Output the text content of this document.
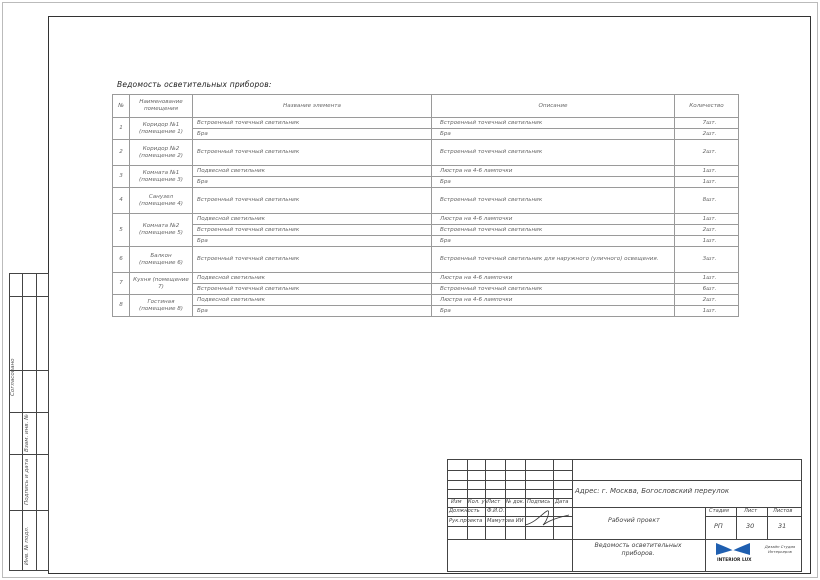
Ведомость осветительных приборов:
№	Наименование помещения	Название элемента	Описание	Количество
1	Коридор №1 (помещение 1)	Встроенный точечный светильник	Встроенный точечный светильник	7шт.
		Бра	Бра	2шт.
2	Коридор №2 (помещение 2)	Встроенный точечный светильник	Встроенный точечный светильник	2шт.
3	Комната №1 (помещение 3)	Подвесной светильник	Люстра на 4-6 лампочки	1шт.
		Бра	Бра	1шт.
4	Санузел (помещение 4)	Встроенный точечный светильник	Встроенный точечный светильник	8шт.
5	Комната №2 (помещение 5)	Подвесной светильник	Люстра на 4-6 лампочки	1шт.
		Встроенный точечный светильник	Встроенный точечный светильник	2шт.
		Бра	Бра	1шт.
6	Балкон (помещение 6)	Встроенный точечный светильник	Встроенный точечный светильник для наружного (уличного) освещения.	3шт.
7	Кухня (помещение 7)	Подвесной светильник	Люстра на 4-6 лампочки	1шт.
		Встроенный точечный светильник	Встроенный точечный светильник	6шт.
8	Гостиная (помещение 8)	Подвесной светильник	Люстра на 4-6 лампочки	2шт.
		Бра	Бра	1шт.
Согласовано
Взам. инв. №
Подпись и дата
Инв. № подл.
Изм Кол. уч Лист № док. Подпись Дата
Должность Ф.И.О.
Рук.проекта Мамутова ИИ
Адрес: г. Москва, Богословский переулок
Рабочий проект
Стадия	Лист	Листов
РП	30	31
Ведомость осветительных приборов.
INTERIOR LUX
Дизайн Студия Интерьеров
